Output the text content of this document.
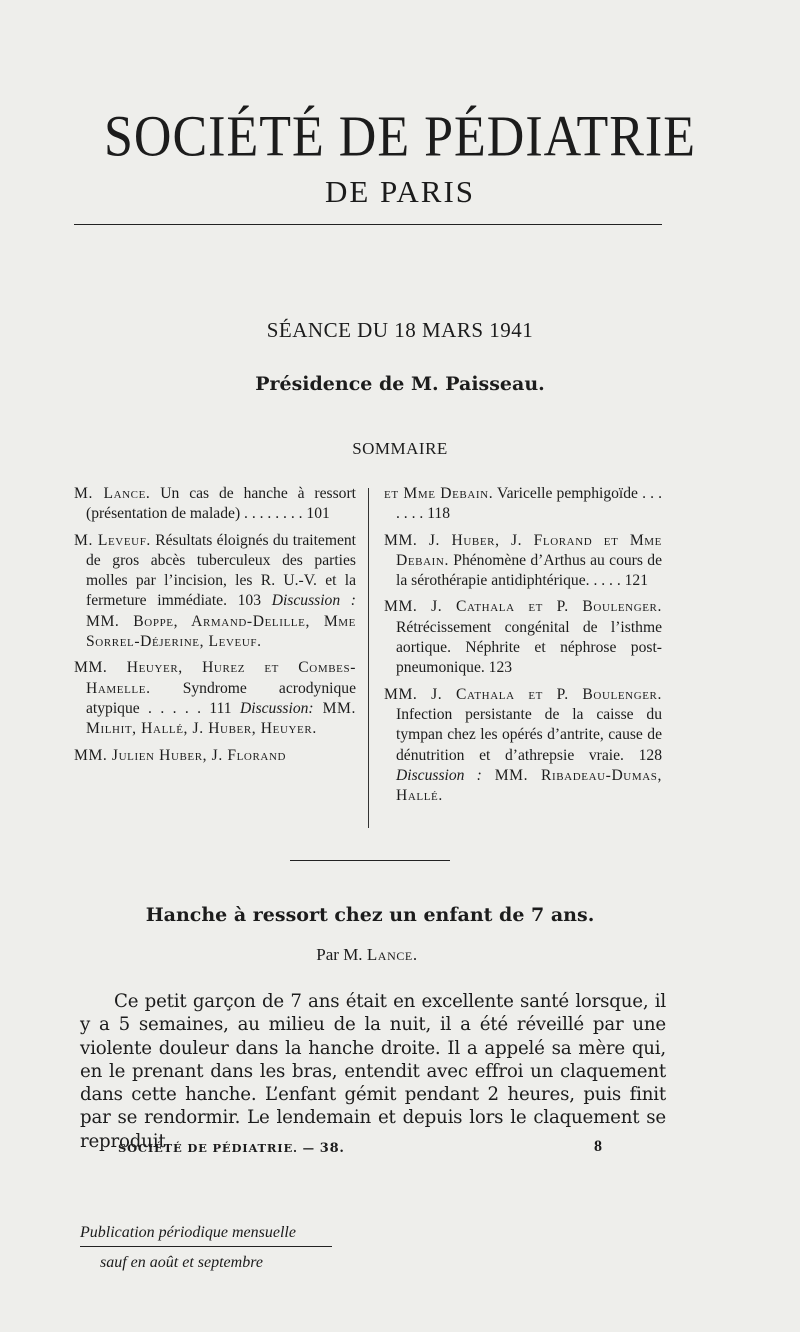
SOCIÉTÉ DE PÉDIATRIE
DE PARIS
SÉANCE DU 18 MARS 1941
Présidence de M. Paisseau.
SOMMAIRE
M. Lance. Un cas de hanche à ressort (présentation de malade) . . . . . . . . 101
M. Leveuf. Résultats éloignés du traitement de gros abcès tuberculeux des parties molles par l’incision, les R. U.-V. et la fermeture immédiate. 103 Discussion : MM. Boppe, Armand-Delille, Mme Sorrel-Déjerine, Leveuf.
MM. Heuyer, Hurez et Combes-Hamelle. Syndrome acrodynique atypique . . . . . 111 Discussion: MM. Milhit, Hallé, J. Huber, Heuyer.
MM. Julien Huber, J. Florand
et Mme Debain. Varicelle pemphigoïde . . . . . . . 118
MM. J. Huber, J. Florand et Mme Debain. Phénomène d’Arthus au cours de la sérothérapie antidiphtérique. . . . . 121
MM. J. Cathala et P. Boulenger. Rétrécissement congénital de l’isthme aortique. Néphrite et néphrose post-pneumonique. 123
MM. J. Cathala et P. Boulenger. Infection persistante de la caisse du tympan chez les opérés d’antrite, cause de dénutrition et d’athrepsie vraie. 128 Discussion : MM. Ribadeau-Dumas, Hallé.
Hanche à ressort chez un enfant de 7 ans.
Par M. Lance.

Ce petit garçon de 7 ans était en excellente santé lorsque, il y a 5 semaines, au milieu de la nuit, il a été réveillé par une violente douleur dans la hanche droite. Il a appelé sa mère qui, en le prenant dans les bras, entendit avec effroi un claquement dans cette hanche. L’enfant gémit pendant 2 heures, puis finit par se rendormir. Le lendemain et depuis lors le claquement se reproduit

SOCIÉTÉ DE PÉDIATRIE. — 38.	8
Publication périodique mensuelle
sauf en août et septembre
